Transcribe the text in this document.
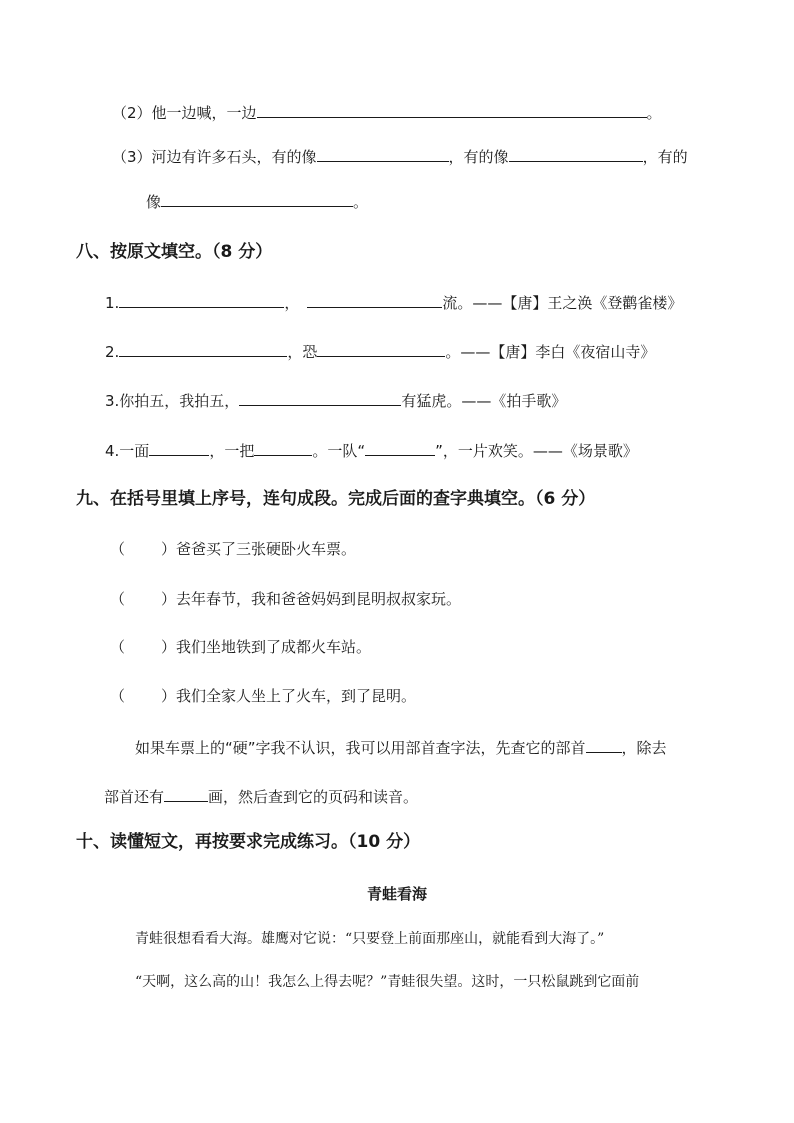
（2）他一边喊，一边	。
（3）河边有许多石头，有的像	，有的像	，有的
像	。
八、按原文填空。（8 分）
1.	，	流。——【唐】王之涣《登鹳雀楼》
2.	，恐	。——【唐】李白《夜宿山寺》
3.你拍五，我拍五，	有猛虎。——《拍手歌》
4.一面	，一把	。一队“	”，一片欢笑。——《场景歌》
九、在括号里填上序号，连句成段。完成后面的查字典填空。（6 分）
（ ）爸爸买了三张硬卧火车票。
（ ）去年春节，我和爸爸妈妈到昆明叔叔家玩。
（ ）我们坐地铁到了成都火车站。
（ ）我们全家人坐上了火车，到了昆明。
如果车票上的“硬”字我不认识，我可以用部首查字法，先查它的部首 ，除去
部首还有	画，然后查到它的页码和读音。
十、读懂短文，再按要求完成练习。（10 分）
青蛙看海
青蛙很想看看大海。雄鹰对它说：“只要登上前面那座山，就能看到大海了。”
“天啊，这么高的山！我怎么上得去呢？”青蛙很失望。这时，一只松鼠跳到它面前
